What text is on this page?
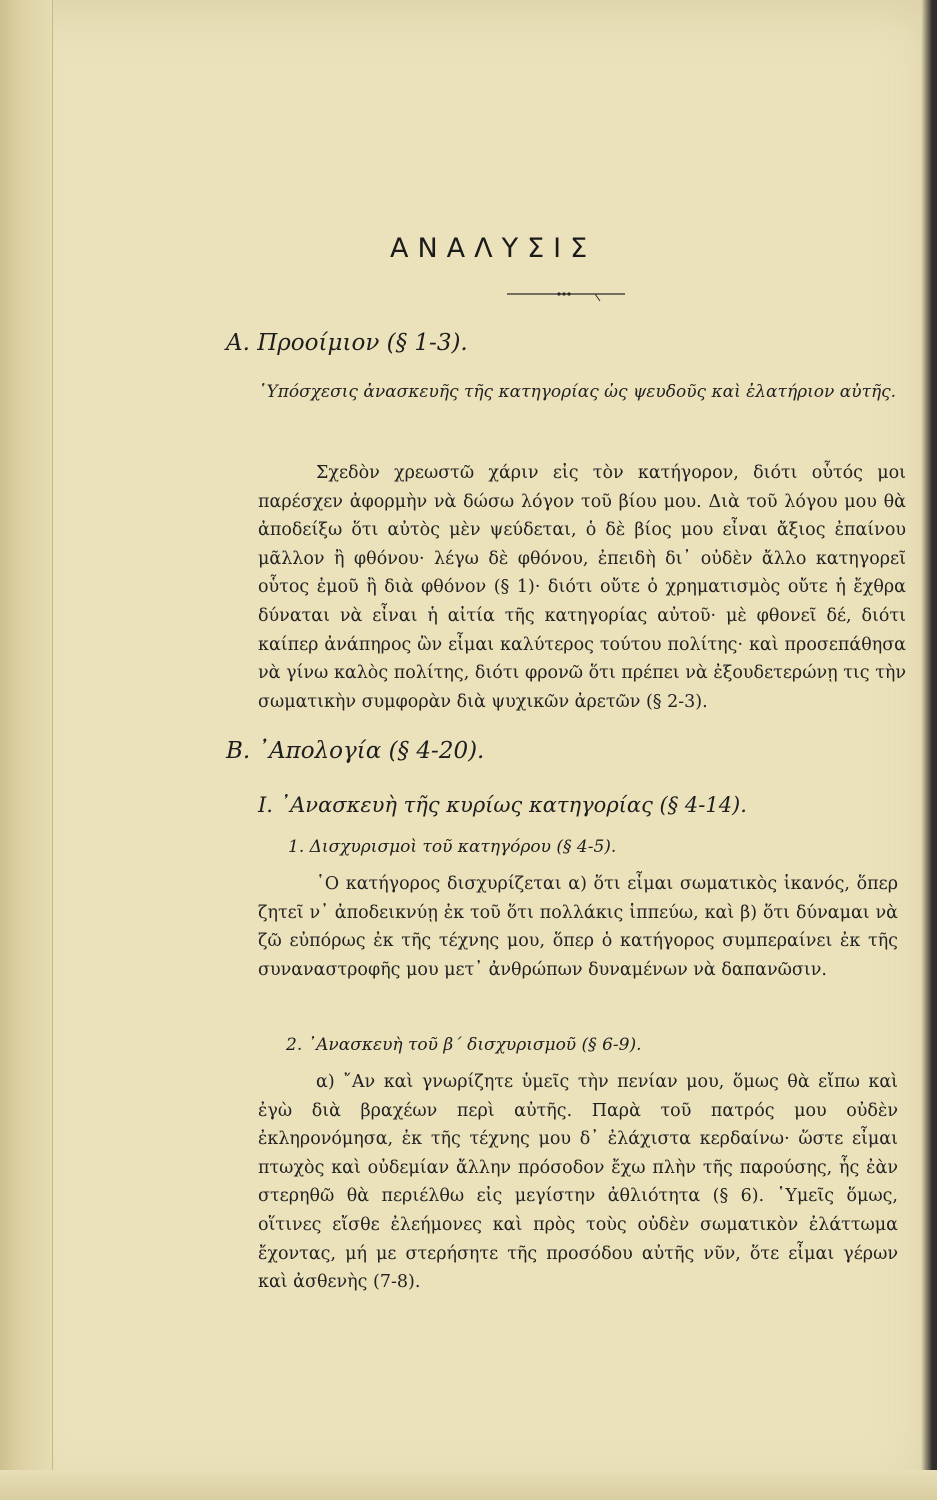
ΑΝΑΛΥΣΙΣ
Α. Προοίμιον (§ 1-3).

῾Υπόσχεσις ἀνασκευῆς τῆς κατηγορίας ὡς ψευδοῦς καὶ ἐλατήριον αὐτῆς.

Σχεδὸν χρεωστῶ χάριν εἰς τὸν κατήγορον, διότι οὗτός μοι παρέσχεν ἀφορμὴν νὰ δώσω λόγον τοῦ βίου μου. Διὰ τοῦ λόγου μου θὰ ἀποδείξω ὅτι αὐτὸς μὲν ψεύδεται, ὁ δὲ βίος μου εἶναι ἄξιος ἐπαίνου μᾶλλον ἢ φθόνου· λέγω δὲ φθόνου, ἐπειδὴ δι᾽ οὐδὲν ἄλλο κατηγορεῖ οὗτος ἐμοῦ ἢ διὰ φθόνον (§ 1)· διότι οὔτε ὁ χρηματισμὸς οὔτε ἡ ἔχθρα δύναται νὰ εἶναι ἡ αἰτία τῆς κατηγορίας αὐτοῦ· μὲ φθονεῖ δέ, διότι καίπερ ἀνάπηρος ὢν εἶμαι καλύτερος τούτου πολίτης· καὶ προσεπάθησα νὰ γίνω καλὸς πολίτης, διότι φρονῶ ὅτι πρέπει νὰ ἐξουδετερώνῃ τις τὴν σωματικὴν συμφορὰν διὰ ψυχικῶν ἀρετῶν (§ 2-3).

Β. ᾿Απολογία (§ 4-20).
Ι. ᾿Ανασκευὴ τῆς κυρίως κατηγορίας (§ 4-14).
1. Δισχυρισμοὶ τοῦ κατηγόρου (§ 4-5).

῾Ο κατήγορος δισχυρίζεται α) ὅτι εἶμαι σωματικὸς ἱκανός, ὅπερ ζητεῖ ν᾽ ἀποδεικνύῃ ἐκ τοῦ ὅτι πολλάκις ἱππεύω, καὶ β) ὅτι δύναμαι νὰ ζῶ εὐπόρως ἐκ τῆς τέχνης μου, ὅπερ ὁ κατήγορος συμπεραίνει ἐκ τῆς συναναστροφῆς μου μετ᾽ ἀνθρώπων δυναμένων νὰ δαπανῶσιν.

2. ᾿Ανασκευὴ τοῦ β΄ δισχυρισμοῦ (§ 6-9).

α) ῎Αν καὶ γνωρίζητε ὑμεῖς τὴν πενίαν μου, ὅμως θὰ εἴπω καὶ ἐγὼ διὰ βραχέων περὶ αὐτῆς. Παρὰ τοῦ πατρός μου οὐδὲν ἐκληρονόμησα, ἐκ τῆς τέχνης μου δ᾽ ἐλάχιστα κερδαίνω· ὥστε εἶμαι πτωχὸς καὶ οὐδεμίαν ἄλλην πρόσοδον ἔχω πλὴν τῆς παρούσης, ἧς ἐὰν στερηθῶ θὰ περιέλθω εἰς μεγίστην ἀθλιότητα (§ 6). ῾Υμεῖς ὅμως, οἵτινες εἴσθε ἐλεήμονες καὶ πρὸς τοὺς οὐδὲν σωματικὸν ἐλάττωμα ἔχοντας, μή με στερήσητε τῆς προσόδου αὐτῆς νῦν, ὅτε εἶμαι γέρων καὶ ἀσθενὴς (7-8).
